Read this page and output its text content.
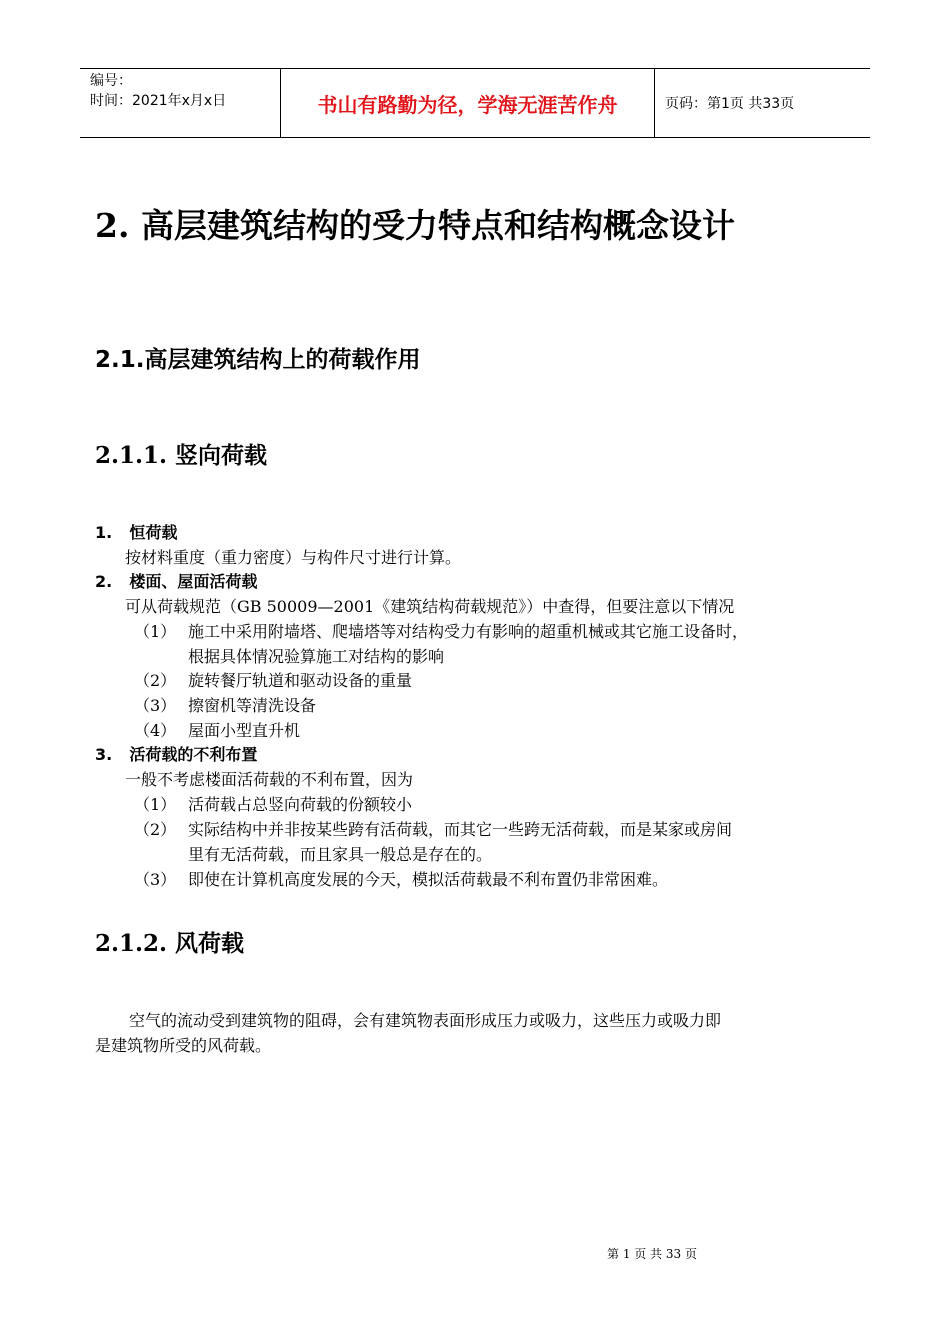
编号：
时间：2021年x月x日	书山有路勤为径，学海无涯苦作舟	页码：第1页 共33页
2. 高层建筑结构的受力特点和结构概念设计
2.1.高层建筑结构上的荷载作用
2.1.1. 竖向荷载
1. 恒荷载
按材料重度（重力密度）与构件尺寸进行计算。
2. 楼面、屋面活荷载
可从荷载规范（GB 50009—2001《建筑结构荷载规范》）中查得，但要注意以下情况
（1） 施工中采用附墙塔、爬墙塔等对结构受力有影响的超重机械或其它施工设备时，
根据具体情况验算施工对结构的影响
（2） 旋转餐厅轨道和驱动设备的重量
（3） 擦窗机等清洗设备
（4） 屋面小型直升机
3. 活荷载的不利布置
一般不考虑楼面活荷载的不利布置，因为
（1） 活荷载占总竖向荷载的份额较小
（2） 实际结构中并非按某些跨有活荷载，而其它一些跨无活荷载，而是某家或房间
里有无活荷载，而且家具一般总是存在的。
（3） 即使在计算机高度发展的今天，模拟活荷载最不利布置仍非常困难。
2.1.2. 风荷载
空气的流动受到建筑物的阻碍，会有建筑物表面形成压力或吸力，这些压力或吸力即
是建筑物所受的风荷载。
第 1 页 共 33 页
